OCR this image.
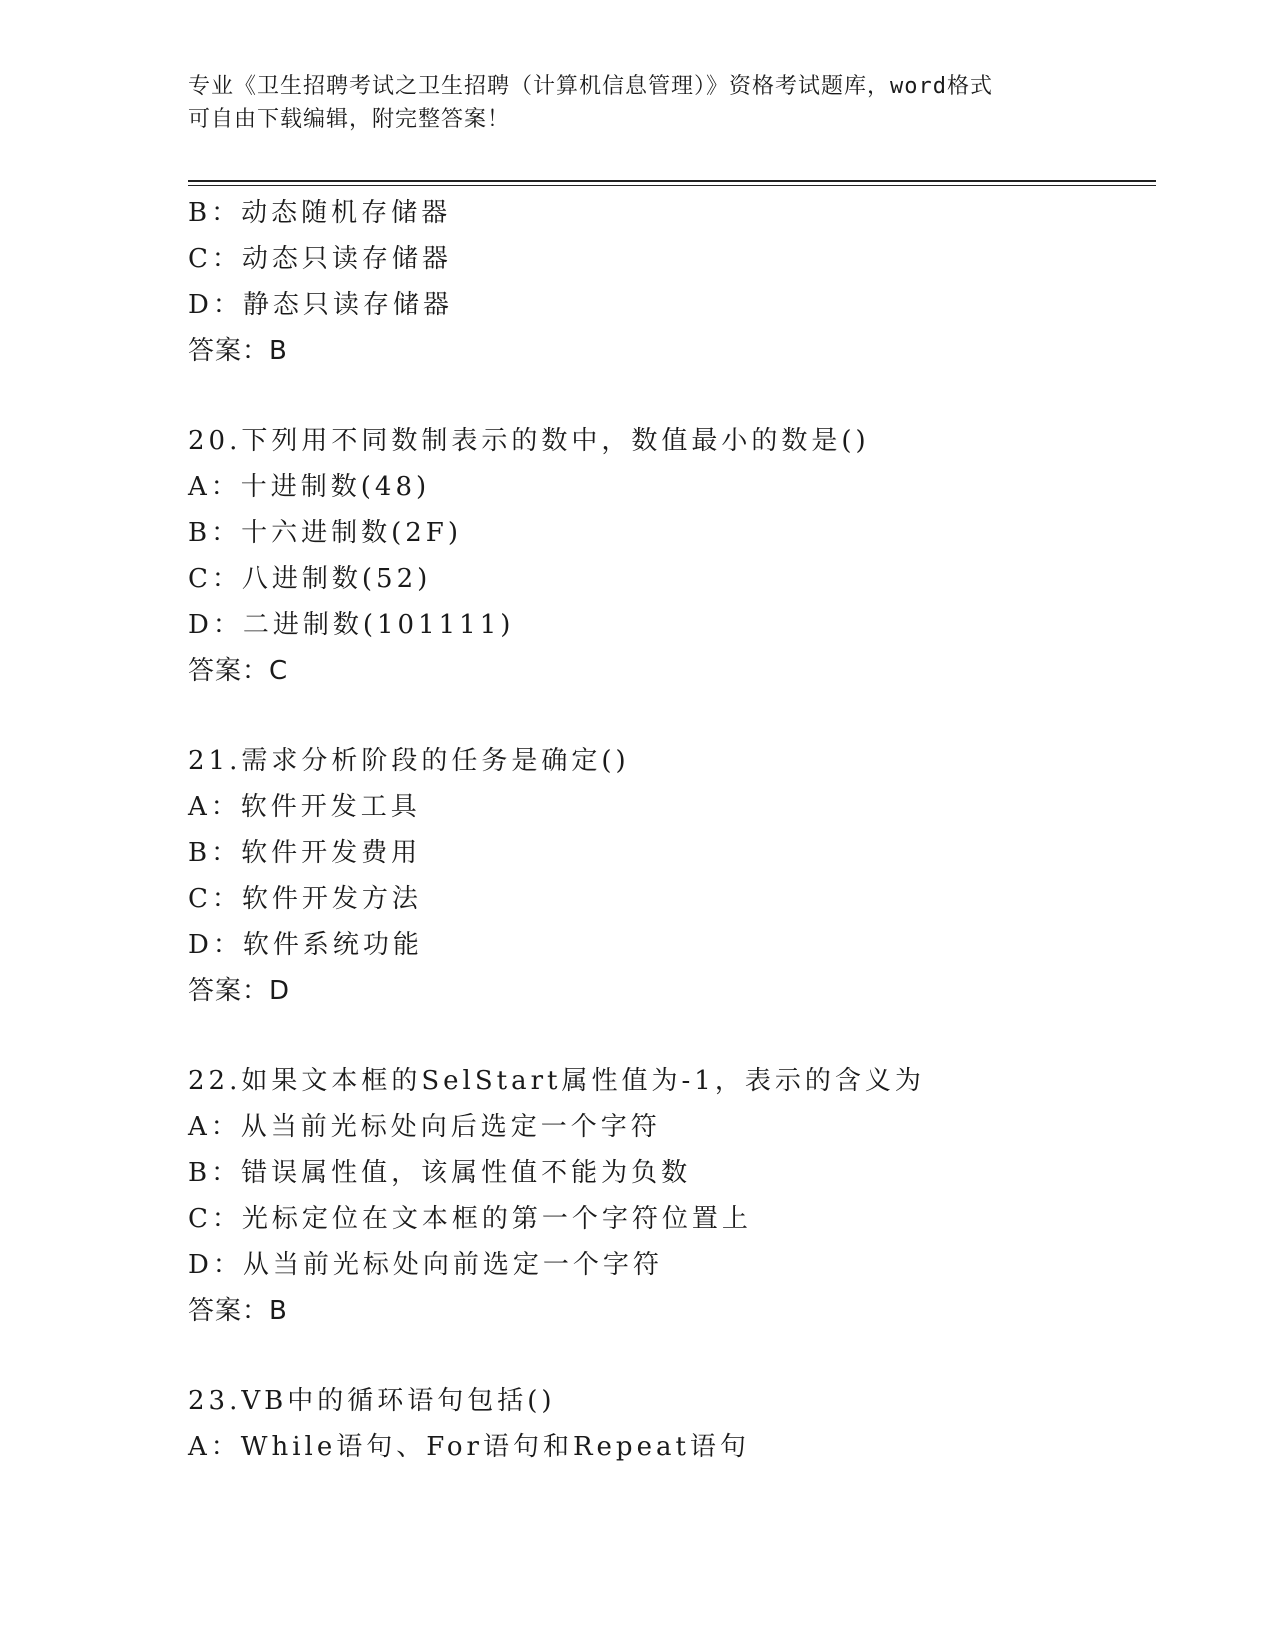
专业《卫生招聘考试之卫生招聘（计算机信息管理）》资格考试题库，word格式
可自由下载编辑，附完整答案！
B：动态随机存储器
C：动态只读存储器
D：静态只读存储器
答案：B
20.下列用不同数制表示的数中，数值最小的数是()
A：十进制数(48)
B：十六进制数(2F)
C：八进制数(52)
D：二进制数(101111)
答案：C
21.需求分析阶段的任务是确定()
A：软件开发工具
B：软件开发费用
C：软件开发方法
D：软件系统功能
答案：D
22.如果文本框的SelStart属性值为-1，表示的含义为
A：从当前光标处向后选定一个字符
B：错误属性值，该属性值不能为负数
C：光标定位在文本框的第一个字符位置上
D：从当前光标处向前选定一个字符
答案：B
23.VB中的循环语句包括()
A：While语句、For语句和Repeat语句
